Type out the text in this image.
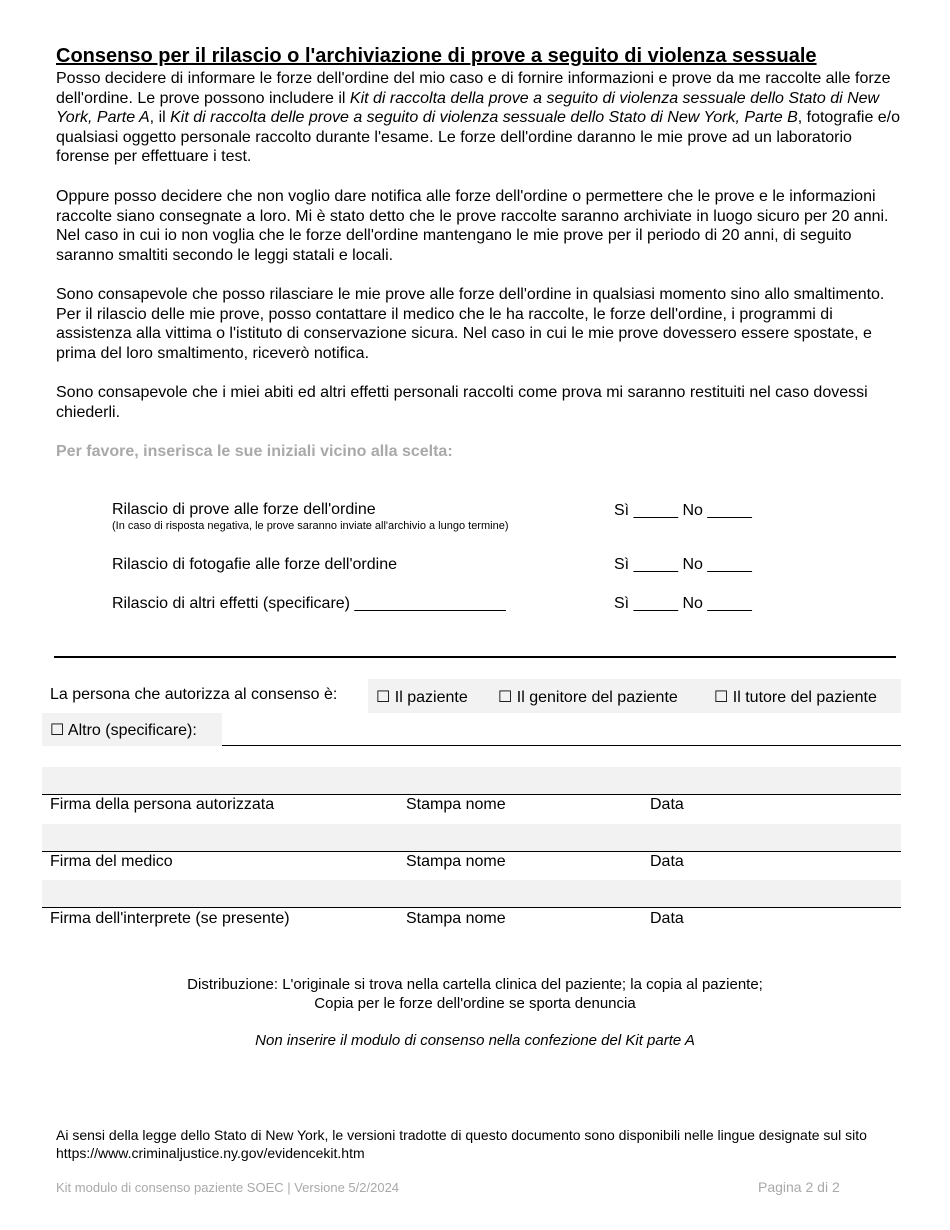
Consenso per il rilascio o l'archiviazione di prove a seguito di violenza sessuale

Posso decidere di informare le forze dell'ordine del mio caso e di fornire informazioni e prove da me raccolte alle forze dell'ordine. Le prove possono includere il Kit di raccolta della prove a seguito di violenza sessuale dello Stato di New York, Parte A, il Kit di raccolta delle prove a seguito di violenza sessuale dello Stato di New York, Parte B, fotografie e/o qualsiasi oggetto personale raccolto durante l'esame. Le forze dell'ordine daranno le mie prove ad un laboratorio forense per effettuare i test.

Oppure posso decidere che non voglio dare notifica alle forze dell'ordine o permettere che le prove e le informazioni raccolte siano consegnate a loro. Mi è stato detto che le prove raccolte saranno archiviate in luogo sicuro per 20 anni. Nel caso in cui io non voglia che le forze dell'ordine mantengano le mie prove per il periodo di 20 anni, di seguito saranno smaltiti secondo le leggi statali e locali.

Sono consapevole che posso rilasciare le mie prove alle forze dell'ordine in qualsiasi momento sino allo smaltimento. Per il rilascio delle mie prove, posso contattare il medico che le ha raccolte, le forze dell'ordine, i programmi di assistenza alla vittima o l'istituto di conservazione sicura. Nel caso in cui le mie prove dovessero essere spostate, e prima del loro smaltimento, riceverò notifica.

Sono consapevole che i miei abiti ed altri effetti personali raccolti come prova mi saranno restituiti nel caso dovessi chiederli.

Per favore, inserisca le sue iniziali vicino alla scelta:
Rilascio di prove alle forze dell'ordine
(In caso di risposta negativa, le prove saranno inviate all'archivio a lungo termine)
Sì _____ No _____
Rilascio di fotogafie alle forze dell'ordine	Sì _____ No _____
Rilascio di altri effetti (specificare) _________________	Sì _____ No _____
La persona che autorizza al consenso è: ☐ Il paziente ☐ Il genitore del paziente ☐ Il tutore del paziente
☐ Altro (specificare):
Firma della persona autorizzata	Stampa nome	Data
Firma del medico	Stampa nome	Data
Firma dell'interprete (se presente)	Stampa nome	Data
Distribuzione: L'originale si trova nella cartella clinica del paziente; la copia al paziente;
Copia per le forze dell'ordine se sporta denuncia
Non inserire il modulo di consenso nella confezione del Kit parte A
Ai sensi della legge dello Stato di New York, le versioni tradotte di questo documento sono disponibili nelle lingue designate sul sito https://www.criminaljustice.ny.gov/evidencekit.htm
Kit modulo di consenso paziente SOEC | Versione 5/2/2024	Pagina 2 di 2
